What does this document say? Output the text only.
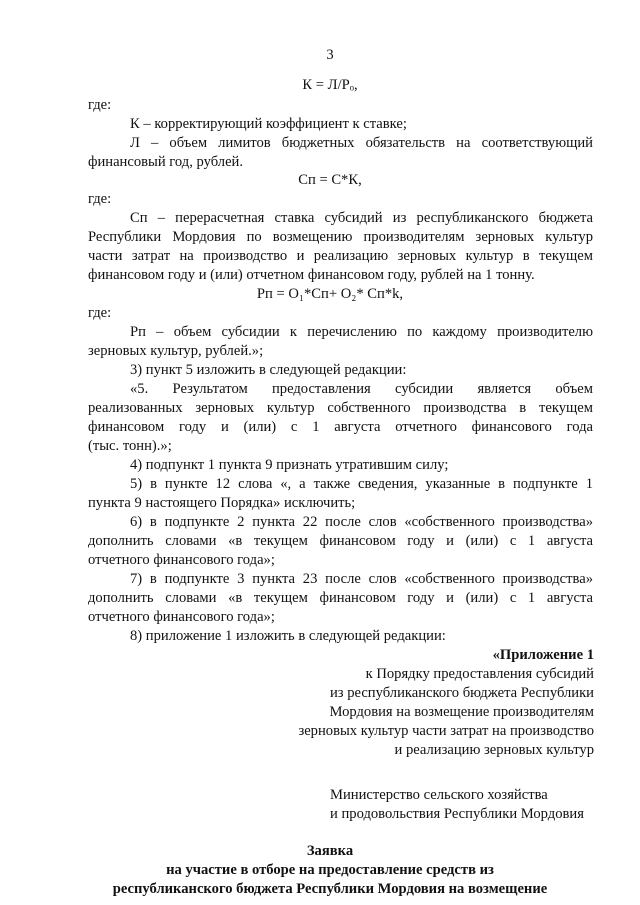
3

К = Л/Рₒ,

где:

К – корректирующий коэффициент к ставке;

Л – объем лимитов бюджетных обязательств на соответствующий

финансовый год, рублей.

Сп = С*К,

где:

Сп – перерасчетная ставка субсидий из республиканского бюджета

Республики Мордовия по возмещению производителям зерновых культур

части затрат на производство и реализацию зерновых культур в текущем

финансовом году и (или) отчетном финансовом году, рублей на 1 тонну.

Рп = О₁*Сп+ О₂* Сп*k,

где:

Рп – объем субсидии к перечислению по каждому производителю

зерновых культур, рублей.»;

3) пункт 5 изложить в следующей редакции:

«5. Результатом предоставления субсидии является объем

реализованных зерновых культур собственного производства в текущем

финансовом году и (или) с 1 августа отчетного финансового года

(тыс. тонн).»;

4) подпункт 1 пункта 9 признать утратившим силу;

5) в пункте 12 слова «, а также сведения, указанные в подпункте 1

пункта 9 настоящего Порядка» исключить;

6) в подпункте 2 пункта 22 после слов «собственного производства»

дополнить словами «в текущем финансовом году и (или) с 1 августа

отчетного финансового года»;

7) в подпункте 3 пункта 23 после слов «собственного производства»

дополнить словами «в текущем финансовом году и (или) с 1 августа

отчетного финансового года»;

8) приложение 1 изложить в следующей редакции:

«Приложение 1

к Порядку предоставления субсидий

из республиканского бюджета Республики

Мордовия на возмещение производителям

зерновых культур части затрат на производство

и реализацию зерновых культур

Министерство сельского хозяйства

и продовольствия Республики Мордовия

Заявка

на участие в отборе на предоставление средств из

республиканского бюджета Республики Мордовия на возмещение
